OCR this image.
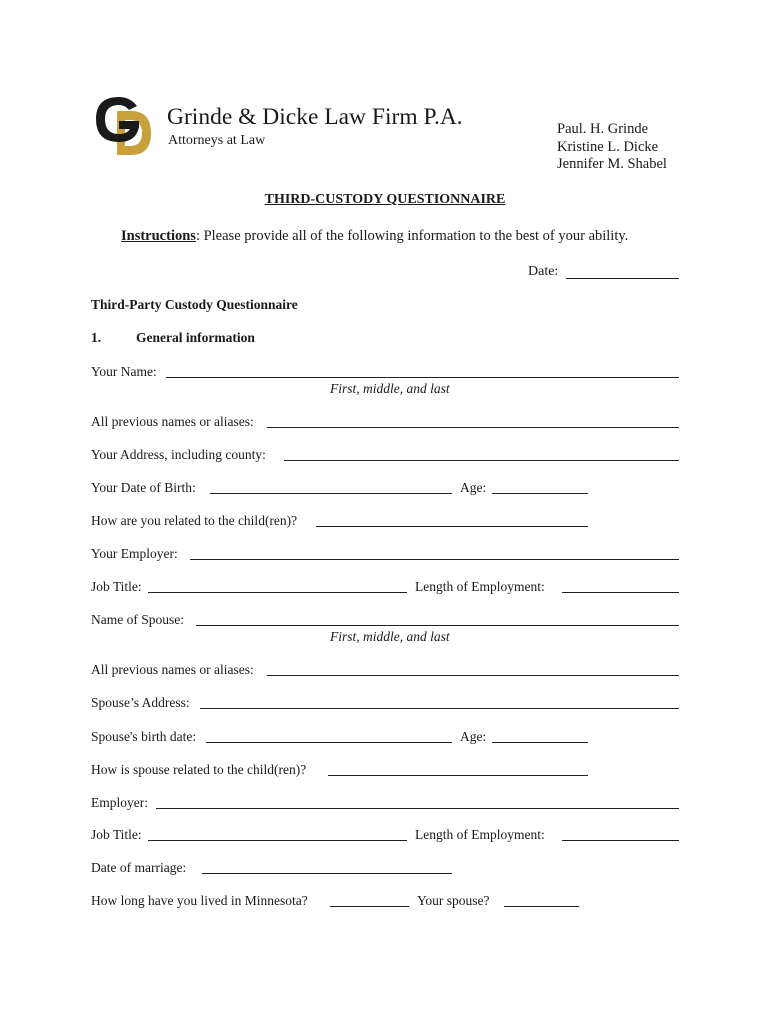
Grinde & Dicke Law Firm P.A.
Attorneys at Law
Paul. H. Grinde
Kristine L. Dicke
Jennifer M. Shabel
THIRD-CUSTODY QUESTIONNAIRE
Instructions: Please provide all of the following information to the best of your ability.
Date:
Third-Party Custody Questionnaire
1.	General information
Your Name:
First, middle, and last
All previous names or aliases:
Your Address, including county:
Your Date of Birth:	Age:
How are you related to the child(ren)?
Your Employer:
Job Title:	Length of Employment:
Name of Spouse:
First, middle, and last
All previous names or aliases:
Spouse’s Address:
Spouse's birth date:	Age:
How is spouse related to the child(ren)?
Employer:
Job Title:	Length of Employment:
Date of marriage:
How long have you lived in Minnesota?	Your spouse?
